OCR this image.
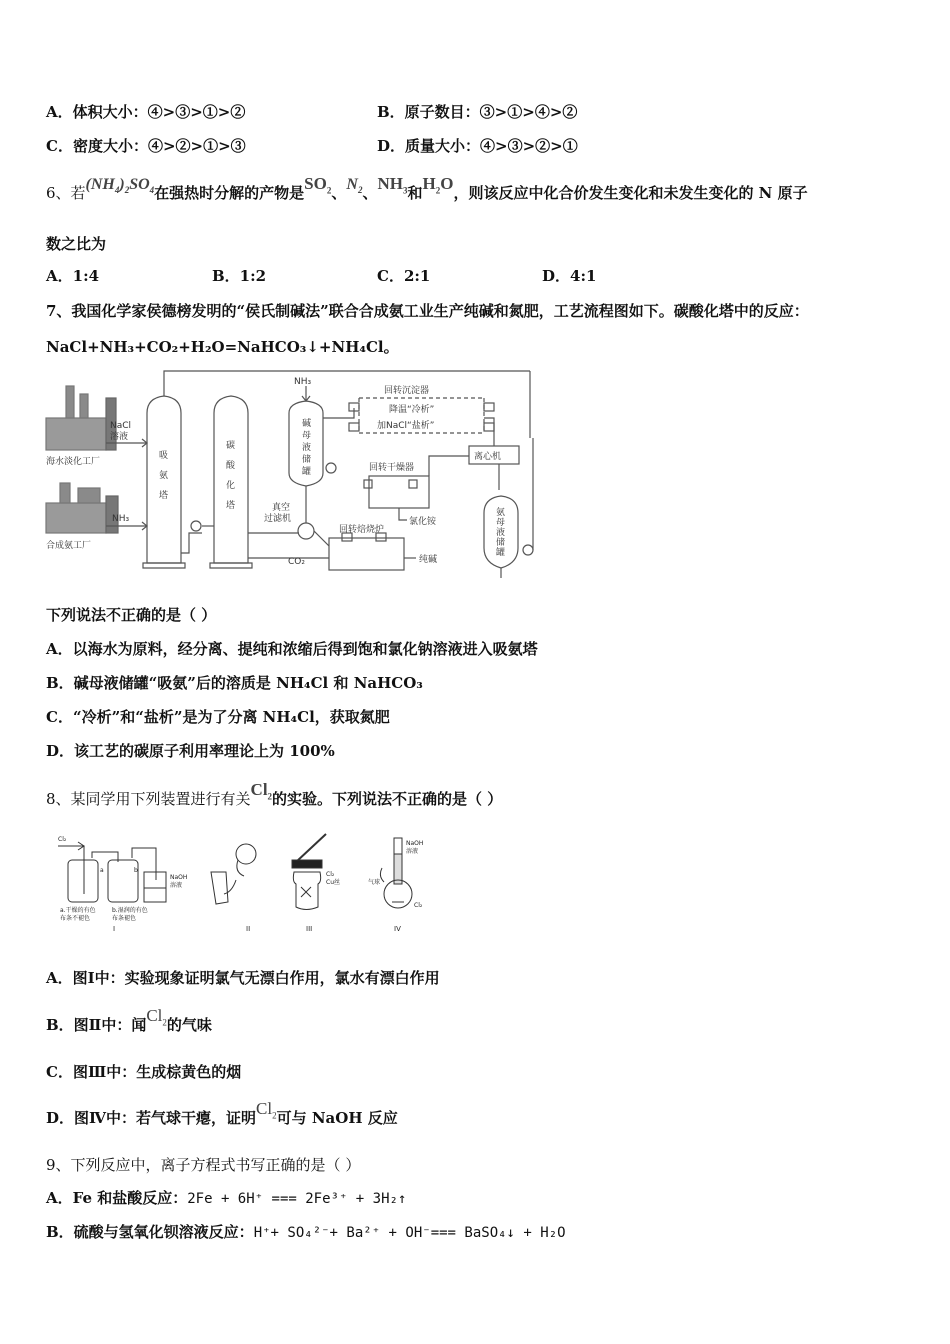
A．体积大小：④>③>①>②	B．原子数目：③>①>④>②
C．密度大小：④>②>①>③	D．质量大小：④>③>②>①
6、若$(NH_4)_2SO_4$在强热时分解的产物是$SO_2$、$N_2$、$NH_3$和$H_2O$，则该反应中化合价发生变化和未发生变化的 N 原子
数之比为
A．1:4	B．1:2	C．2:1	D．4:1
7、我国化学家侯德榜发明的“侯氏制碱法”联合合成氨工业生产纯碱和氮肥，工艺流程图如下。碳酸化塔中的反应：
NaCl+NH₃+CO₂+H₂O=NaHCO₃↓+NH₄Cl。
海水淡化工厂
合成氨工厂
NaCl
溶液
NH₃
NH₃
吸
氨
塔
碳
酸
化
塔
碱
母
液
储
罐
真空
过滤机
CO₂
回转沉淀器
降温“冷析”
加NaCl“盐析”
离心机
回转干燥器
氯化铵
回转焙烧炉
纯碱
氨
母
液
储
罐
下列说法不正确的是（ ）
A．以海水为原料，经分离、提纯和浓缩后得到饱和氯化钠溶液进入吸氨塔
B．碱母液储罐“吸氨”后的溶质是 NH₄Cl 和 NaHCO₃
C．“冷析”和“盐析”是为了分离 NH₄Cl，获取氮肥
D．该工艺的碳原子利用率理论上为 100%
8、某同学用下列装置进行有关$Cl_2$的实验。下列说法不正确的是（ ）
Cl₂
a	b
NaOH
溶液
a.干燥的有色
布条不褪色
b.湿润的有色
布条褪色
Cl₂
Cu丝	气球
NaOH
溶液
Cl₂
I	II	III	IV
A．图Ⅰ中：实验现象证明氯气无漂白作用，氯水有漂白作用
B．图Ⅱ中：闻$Cl_2$的气味
C．图Ⅲ中：生成棕黄色的烟
D．图Ⅳ中：若气球干瘪，证明$Cl_2$可与 NaOH 反应
9、下列反应中，离子方程式书写正确的是（ ）
A．Fe 和盐酸反应：2Fe + 6H⁺ === 2Fe³⁺ + 3H₂↑
B．硫酸与氢氧化钡溶液反应：H⁺+ SO₄²⁻+ Ba²⁺ + OH⁻=== BaSO₄↓ + H₂O
